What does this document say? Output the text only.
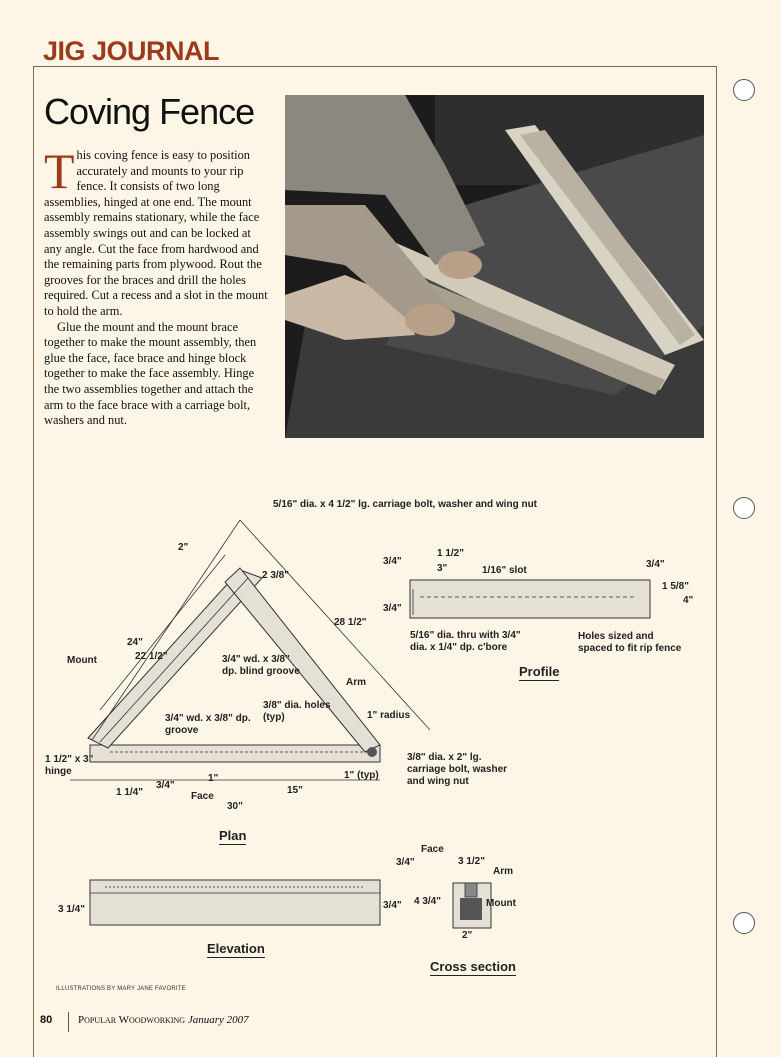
JIG JOURNAL
Coving Fence

This coving fence is easy to position accurately and mounts to your rip fence. It consists of two long assemblies, hinged at one end. The mount assembly remains stationary, while the face assembly swings out and can be locked at any angle. Cut the face from hardwood and the remaining parts from plywood. Rout the grooves for the braces and drill the holes required. Cut a recess and a slot in the mount to hold the arm.

Glue the mount and the mount brace together to make the mount assembly, then glue the face, face brace and hinge block together to make the face assembly. Hinge the two assemblies together and attach the arm to the face brace with a carriage bolt, washers and nut.

5/16" dia. x 4 1/2" lg. carriage bolt, washer and wing nut
2"
2 3/8"
24"
22 1/2"
28 1/2"
Mount	3/4" wd. x 3/8" dp. blind groove
Arm
3/8" dia. holes (typ)	1" radius
3/4" wd. x 3/8" dp. groove
1 1/2" x 3" hinge
1 1/4"
3/4"
1"
Face
15"
1" (typ)
30"
3/8" dia. x 2" lg. carriage bolt, washer and wing nut
Plan
1 1/2"
3/4"
3"	1/16" slot
3/4"
3/4"
1 5/8"
4"
5/16" dia. thru with 3/4" dia. x 1/4" dp. c'bore
Holes sized and spaced to fit rip fence
Profile
3 1/4"
3/4"
3/4" 4 3/4"
Elevation
Face
3 1/2"
Arm
Mount
2"
Cross section
ILLUSTRATIONS BY MARY JANE FAVORITE
80 Popular Woodworking January 2007
